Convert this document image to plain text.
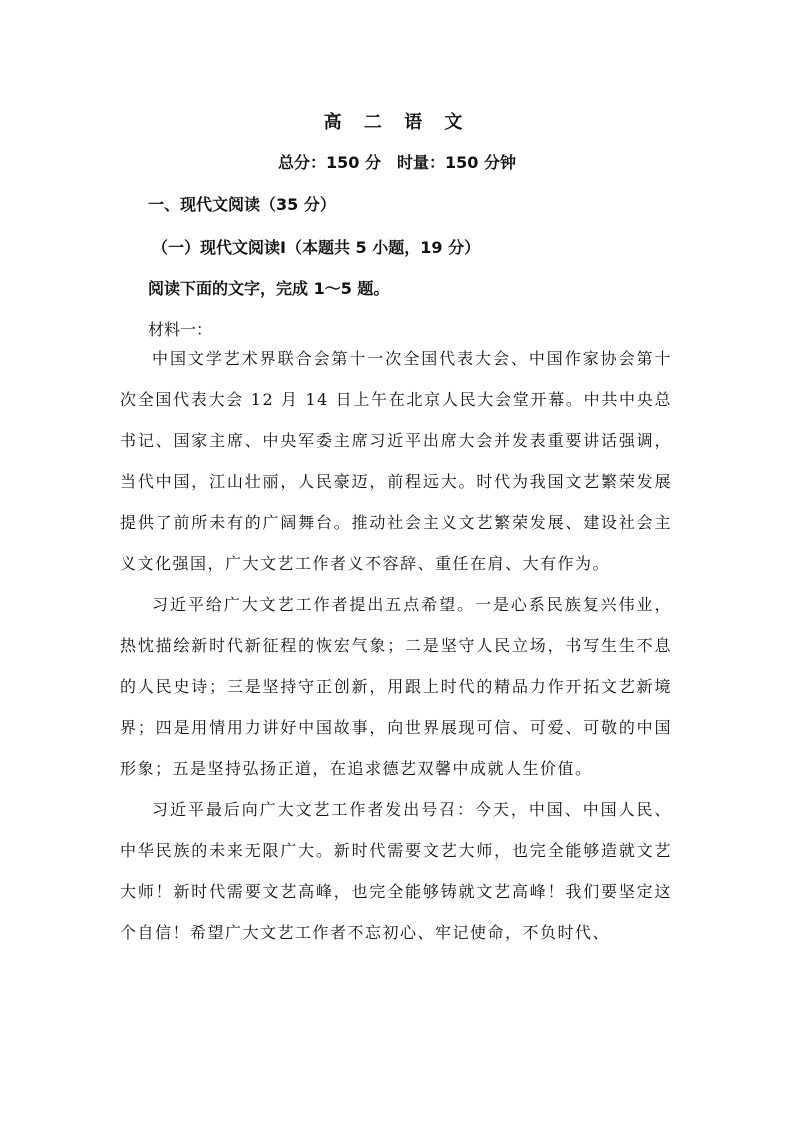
高 二 语 文
总分：150 分　时量：150 分钟
一、现代文阅读（35 分）
（一）现代文阅读Ⅰ（本题共 5 小题，19 分）
阅读下面的文字，完成 1～5 题。
材料一：

中国文学艺术界联合会第十一次全国代表大会、中国作家协会第十次全国代表大会 12 月 14 日上午在北京人民大会堂开幕。中共中央总书记、国家主席、中央军委主席习近平出席大会并发表重要讲话强调，当代中国，江山壮丽，人民豪迈，前程远大。时代为我国文艺繁荣发展提供了前所未有的广阔舞台。推动社会主义文艺繁荣发展、建设社会主义文化强国，广大文艺工作者义不容辞、重任在肩、大有作为。

习近平给广大文艺工作者提出五点希望。一是心系民族复兴伟业，热忱描绘新时代新征程的恢宏气象；二是坚守人民立场，书写生生不息的人民史诗；三是坚持守正创新，用跟上时代的精品力作开拓文艺新境界；四是用情用力讲好中国故事，向世界展现可信、可爱、可敬的中国形象；五是坚持弘扬正道，在追求德艺双馨中成就人生价值。

习近平最后向广大文艺工作者发出号召：今天，中国、中国人民、中华民族的未来无限广大。新时代需要文艺大师，也完全能够造就文艺大师！新时代需要文艺高峰，也完全能够铸就文艺高峰！我们要坚定这个自信！希望广大文艺工作者不忘初心、牢记使命，不负时代、
